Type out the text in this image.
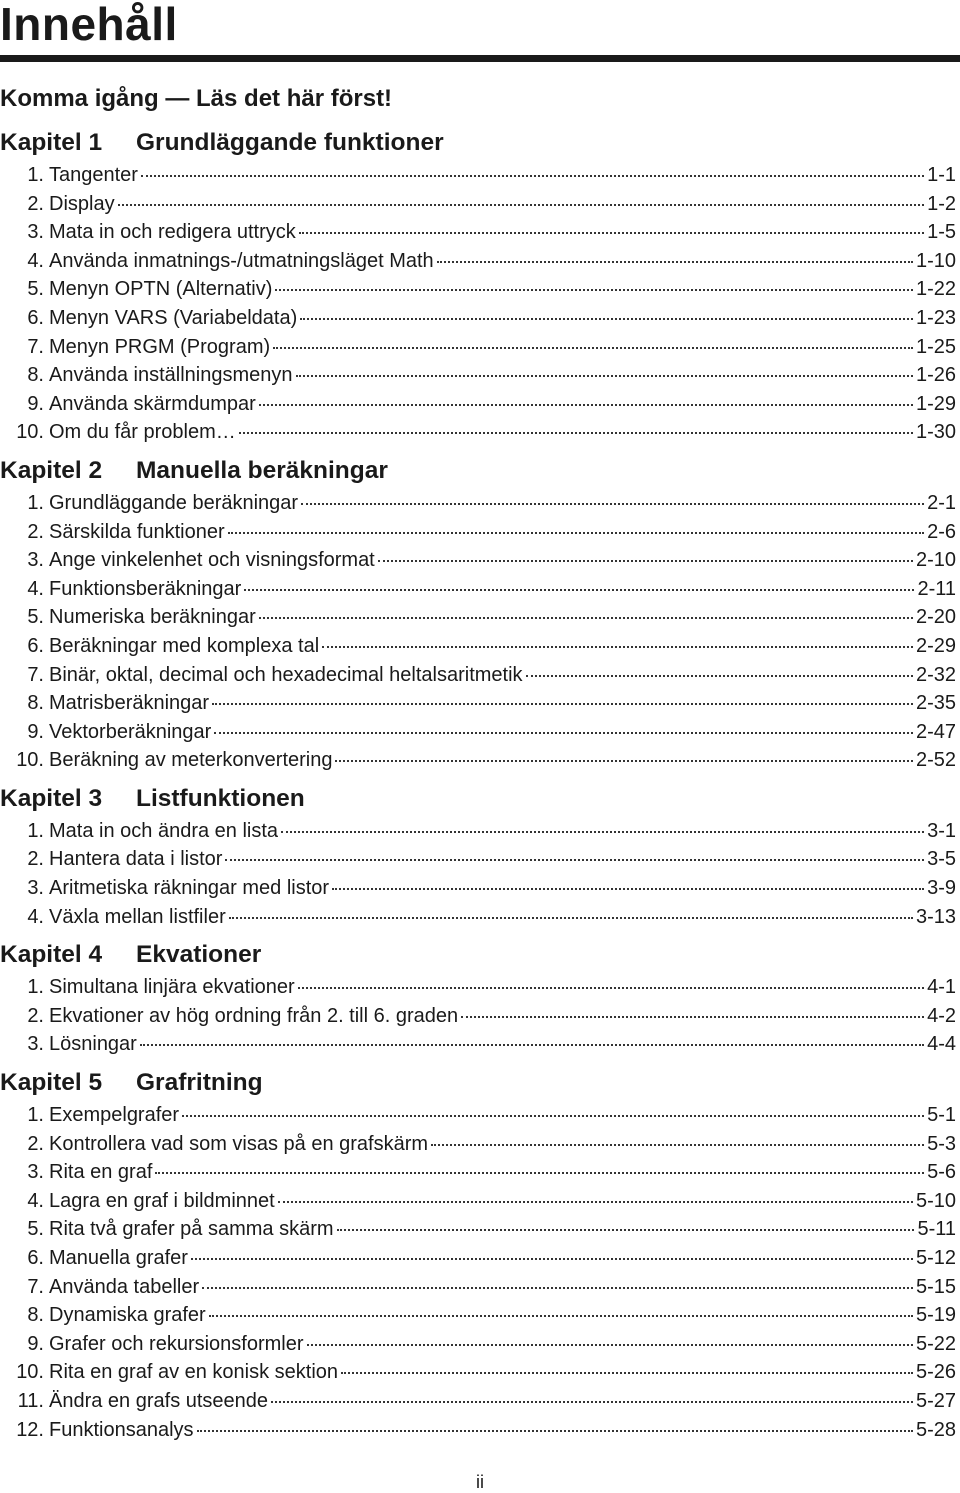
Innehåll
Komma igång — Läs det här först!
Kapitel 1 Grundläggande funktioner
1. Tangenter	1-1
2. Display	1-2
3. Mata in och redigera uttryck	1-5
4. Använda inmatnings-/utmatningsläget Math	1-10
5. Menyn OPTN (Alternativ)	1-22
6. Menyn VARS (Variabeldata)	1-23
7. Menyn PRGM (Program)	1-25
8. Använda inställningsmenyn	1-26
9. Använda skärmdumpar	1-29
10. Om du får problem…	1-30
Kapitel 2 Manuella beräkningar
1. Grundläggande beräkningar	2-1
2. Särskilda funktioner	2-6
3. Ange vinkelenhet och visningsformat	2-10
4. Funktionsberäkningar	2-11
5. Numeriska beräkningar	2-20
6. Beräkningar med komplexa tal	2-29
7. Binär, oktal, decimal och hexadecimal heltalsaritmetik	2-32
8. Matrisberäkningar	2-35
9. Vektorberäkningar	2-47
10. Beräkning av meterkonvertering	2-52
Kapitel 3 Listfunktionen
1. Mata in och ändra en lista	3-1
2. Hantera data i listor	3-5
3. Aritmetiska räkningar med listor	3-9
4. Växla mellan listfiler	3-13
Kapitel 4 Ekvationer
1. Simultana linjära ekvationer	4-1
2. Ekvationer av hög ordning från 2. till 6. graden	4-2
3. Lösningar	4-4
Kapitel 5 Grafritning
1. Exempelgrafer	5-1
2. Kontrollera vad som visas på en grafskärm	5-3
3. Rita en graf	5-6
4. Lagra en graf i bildminnet	5-10
5. Rita två grafer på samma skärm	5-11
6. Manuella grafer	5-12
7. Använda tabeller	5-15
8. Dynamiska grafer	5-19
9. Grafer och rekursionsformler	5-22
10. Rita en graf av en konisk sektion	5-26
11. Ändra en grafs utseende	5-27
12. Funktionsanalys	5-28
ii
